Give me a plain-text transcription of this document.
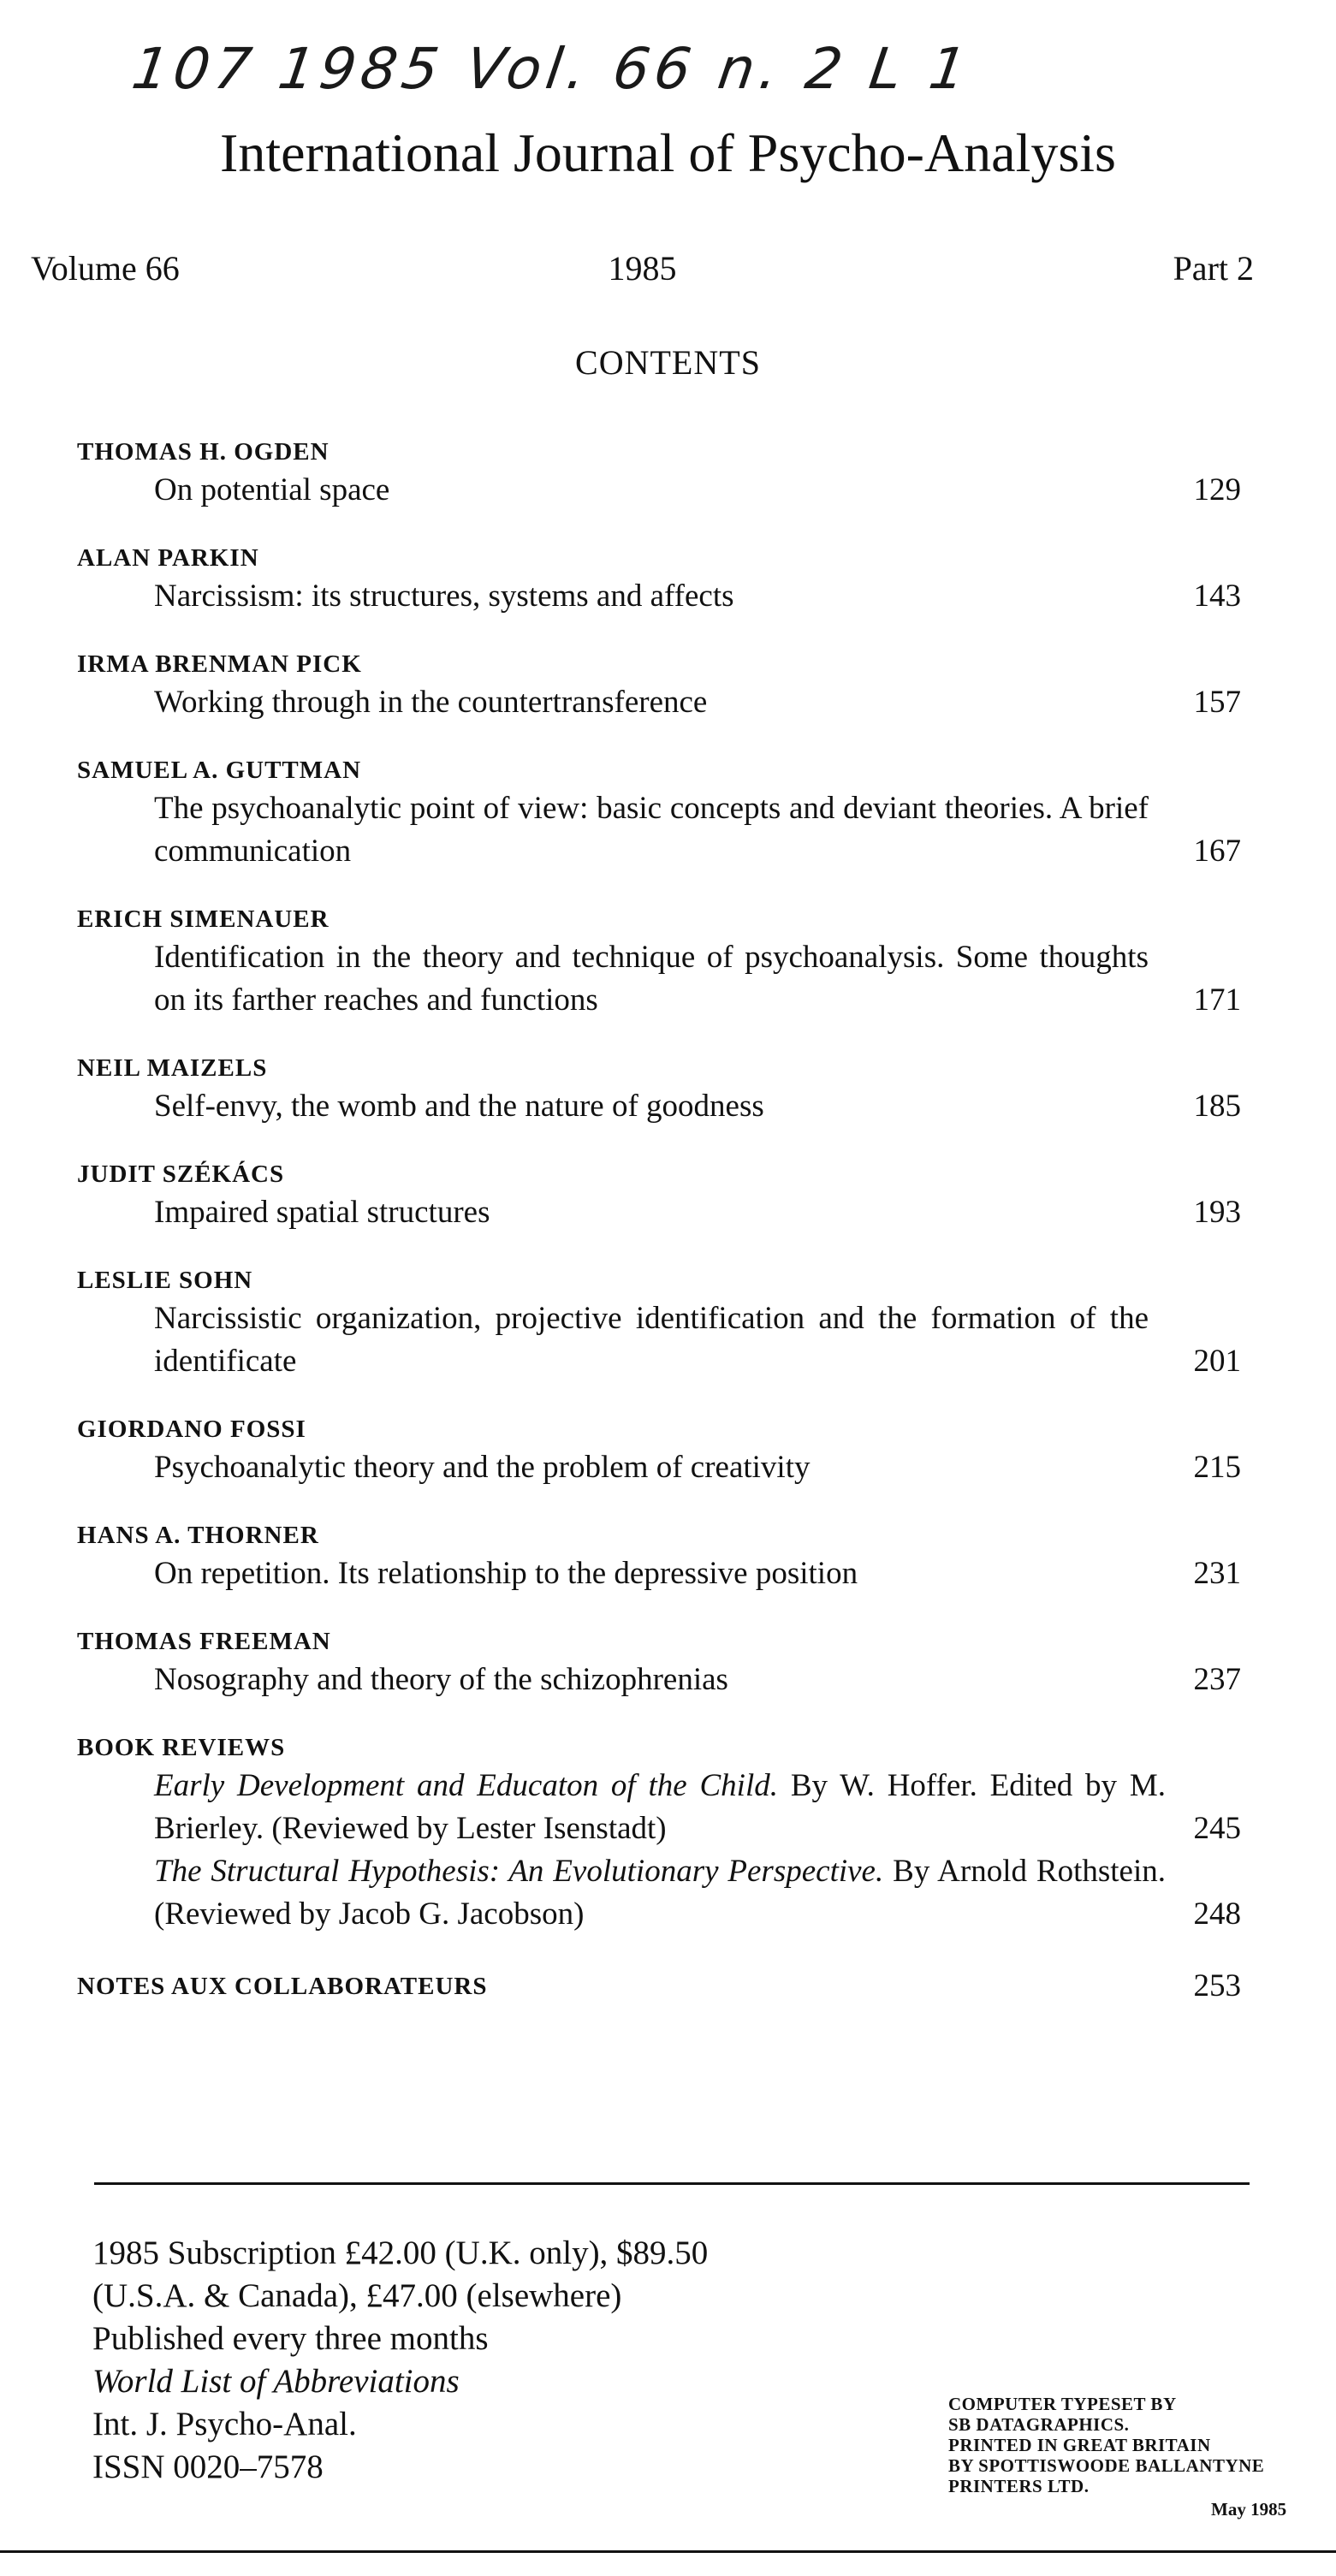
107 1985 Vol. 66 n. 2 L 1
International Journal of Psycho-Analysis
Volume 66	1985	Part 2
CONTENTS
THOMAS H. OGDEN
On potential space	129
ALAN PARKIN
Narcissism: its structures, systems and affects	143
IRMA BRENMAN PICK
Working through in the countertransference	157
SAMUEL A. GUTTMAN
The psychoanalytic point of view: basic concepts and deviant theories. A brief communication	167
ERICH SIMENAUER
Identification in the theory and technique of psychoanalysis. Some thoughts on its farther reaches and functions	171
NEIL MAIZELS
Self-envy, the womb and the nature of goodness	185
JUDIT SZÉKÁCS
Impaired spatial structures	193
LESLIE SOHN
Narcissistic organization, projective identification and the formation of the identificate	201
GIORDANO FOSSI
Psychoanalytic theory and the problem of creativity	215
HANS A. THORNER
On repetition. Its relationship to the depressive position	231
THOMAS FREEMAN
Nosography and theory of the schizophrenias	237
BOOK REVIEWS
Early Development and Educaton of the Child. By W. Hoffer. Edited by M. Brierley. (Reviewed by Lester Isenstadt)	245
The Structural Hypothesis: An Evolutionary Perspective. By Arnold Rothstein. (Reviewed by Jacob G. Jacobson)	248
NOTES AUX COLLABORATEURS	253
1985 Subscription £42.00 (U.K. only), $89.50
(U.S.A. & Canada), £47.00 (elsewhere)
Published every three months
World List of Abbreviations
Int. J. Psycho-Anal.
ISSN 0020–7578
COMPUTER TYPESET BY
SB DATAGRAPHICS.
PRINTED IN GREAT BRITAIN
BY SPOTTISWOODE BALLANTYNE
PRINTERS LTD.
May 1985
